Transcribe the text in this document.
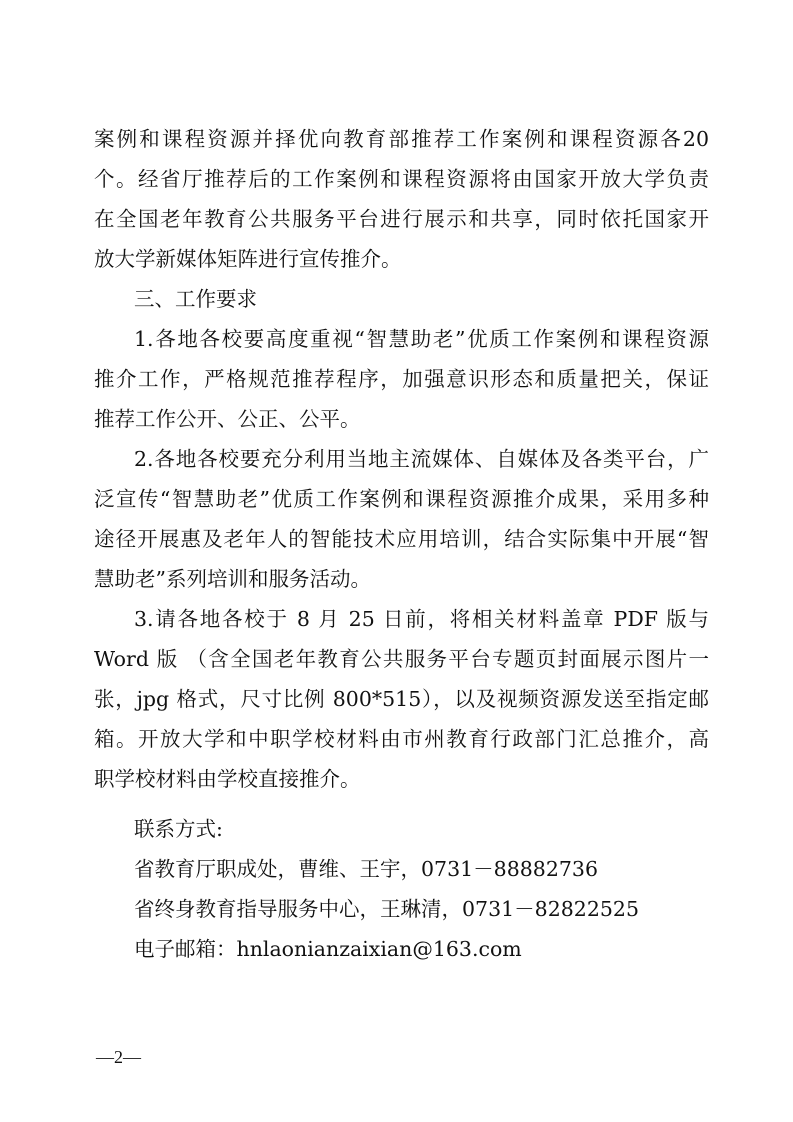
案例和课程资源并择优向教育部推荐工作案例和课程资源各20
个。经省厅推荐后的工作案例和课程资源将由国家开放大学负责
在全国老年教育公共服务平台进行展示和共享，同时依托国家开
放大学新媒体矩阵进行宣传推介。
三、工作要求
1.各地各校要高度重视“智慧助老”优质工作案例和课程资源
推介工作，严格规范推荐程序，加强意识形态和质量把关，保证
推荐工作公开、公正、公平。
2.各地各校要充分利用当地主流媒体、自媒体及各类平台，广
泛宣传“智慧助老”优质工作案例和课程资源推介成果，采用多种
途径开展惠及老年人的智能技术应用培训，结合实际集中开展“智
慧助老”系列培训和服务活动。
3.请各地各校于 8 月 25 日前，将相关材料盖章 PDF 版与
Word 版 （含全国老年教育公共服务平台专题页封面展示图片一
张，jpg 格式，尺寸比例 800*515），以及视频资源发送至指定邮
箱。开放大学和中职学校材料由市州教育行政部门汇总推介，高
职学校材料由学校直接推介。
联系方式:
省教育厅职成处，曹维、王宇，0731－88882736
省终身教育指导服务中心，王琳清，0731－82822525
电子邮箱：hnlaonianzaixian@163.com
—2—
